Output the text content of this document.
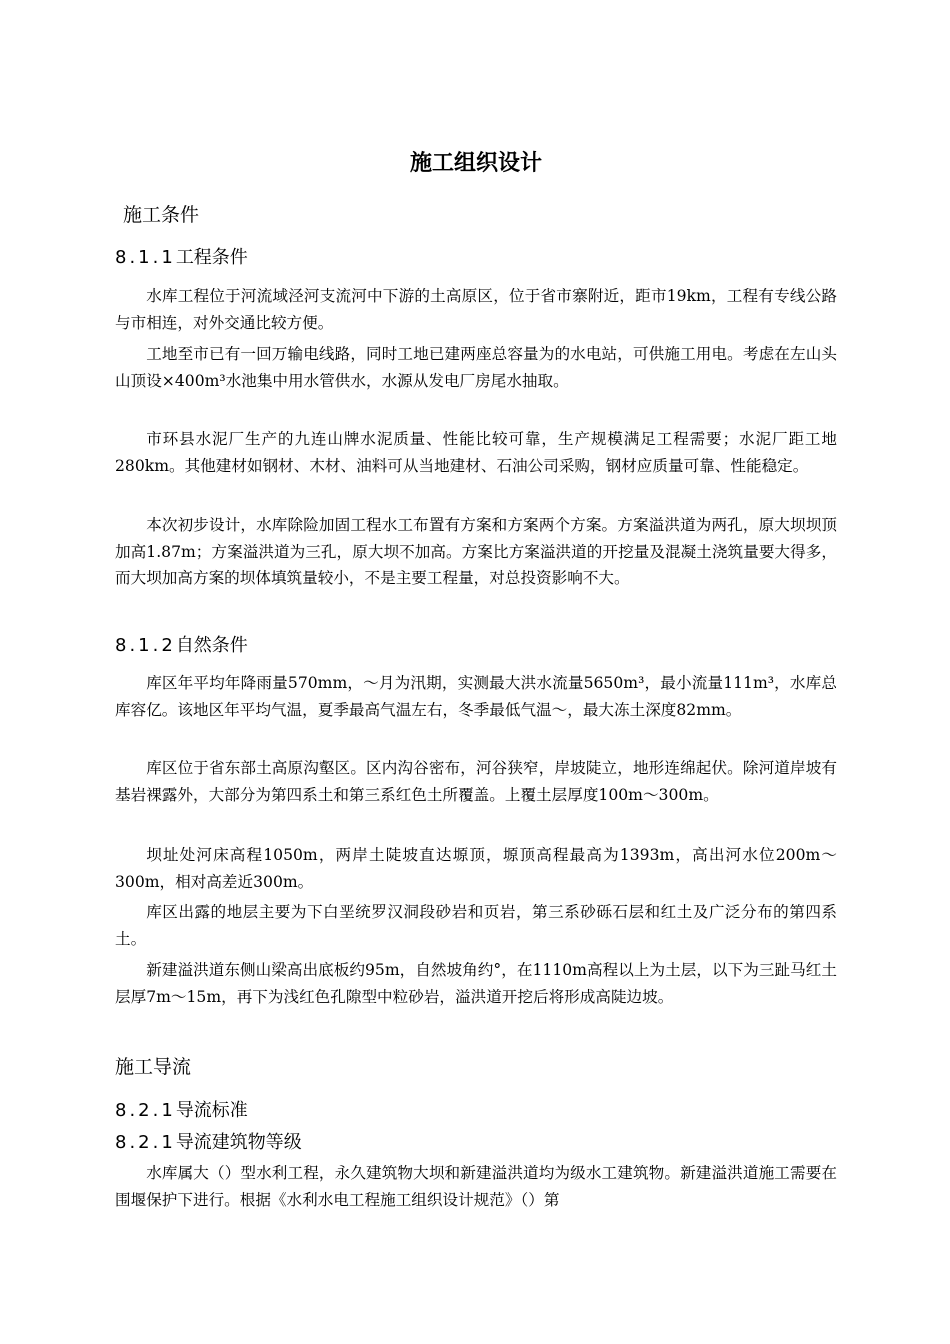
施工组织设计
施工条件
8.1.1工程条件

水库工程位于河流域泾河支流河中下游的土高原区，位于省市寨附近，距市19km，工程有专线公路与市相连，对外交通比较方便。

工地至市已有一回万输电线路，同时工地已建两座总容量为的水电站，可供施工用电。考虑在左山头山顶设×400m³水池集中用水管供水，水源从发电厂房尾水抽取。

市环县水泥厂生产的九连山牌水泥质量、性能比较可靠，生产规模满足工程需要；水泥厂距工地280km。其他建材如钢材、木材、油料可从当地建材、石油公司采购，钢材应质量可靠、性能稳定。

本次初步设计，水库除险加固工程水工布置有方案和方案两个方案。方案溢洪道为两孔，原大坝坝顶加高1.87m；方案溢洪道为三孔，原大坝不加高。方案比方案溢洪道的开挖量及混凝土浇筑量要大得多，而大坝加高方案的坝体填筑量较小，不是主要工程量，对总投资影响不大。

8.1.2自然条件

库区年平均年降雨量570mm，～月为汛期，实测最大洪水流量5650m³，最小流量111m³，水库总库容亿。该地区年平均气温，夏季最高气温左右，冬季最低气温～，最大冻土深度82mm。

库区位于省东部土高原沟壑区。区内沟谷密布，河谷狭窄，岸坡陡立，地形连绵起伏。除河道岸坡有基岩裸露外，大部分为第四系土和第三系红色土所覆盖。上覆土层厚度100m～300m。

坝址处河床高程1050m，两岸土陡坡直达塬顶，塬顶高程最高为1393m，高出河水位200m～300m，相对高差近300m。

库区出露的地层主要为下白垩统罗汉洞段砂岩和页岩，第三系砂砾石层和红土及广泛分布的第四系土。

新建溢洪道东侧山梁高出底板约95m，自然坡角约°，在1110m高程以上为土层，以下为三趾马红土层厚7m～15m，再下为浅红色孔隙型中粒砂岩，溢洪道开挖后将形成高陡边坡。

施工导流
8.2.1导流标准
8.2.1导流建筑物等级

水库属大（）型水利工程，永久建筑物大坝和新建溢洪道均为级水工建筑物。新建溢洪道施工需要在围堰保护下进行。根据《水利水电工程施工组织设计规范》（）第
